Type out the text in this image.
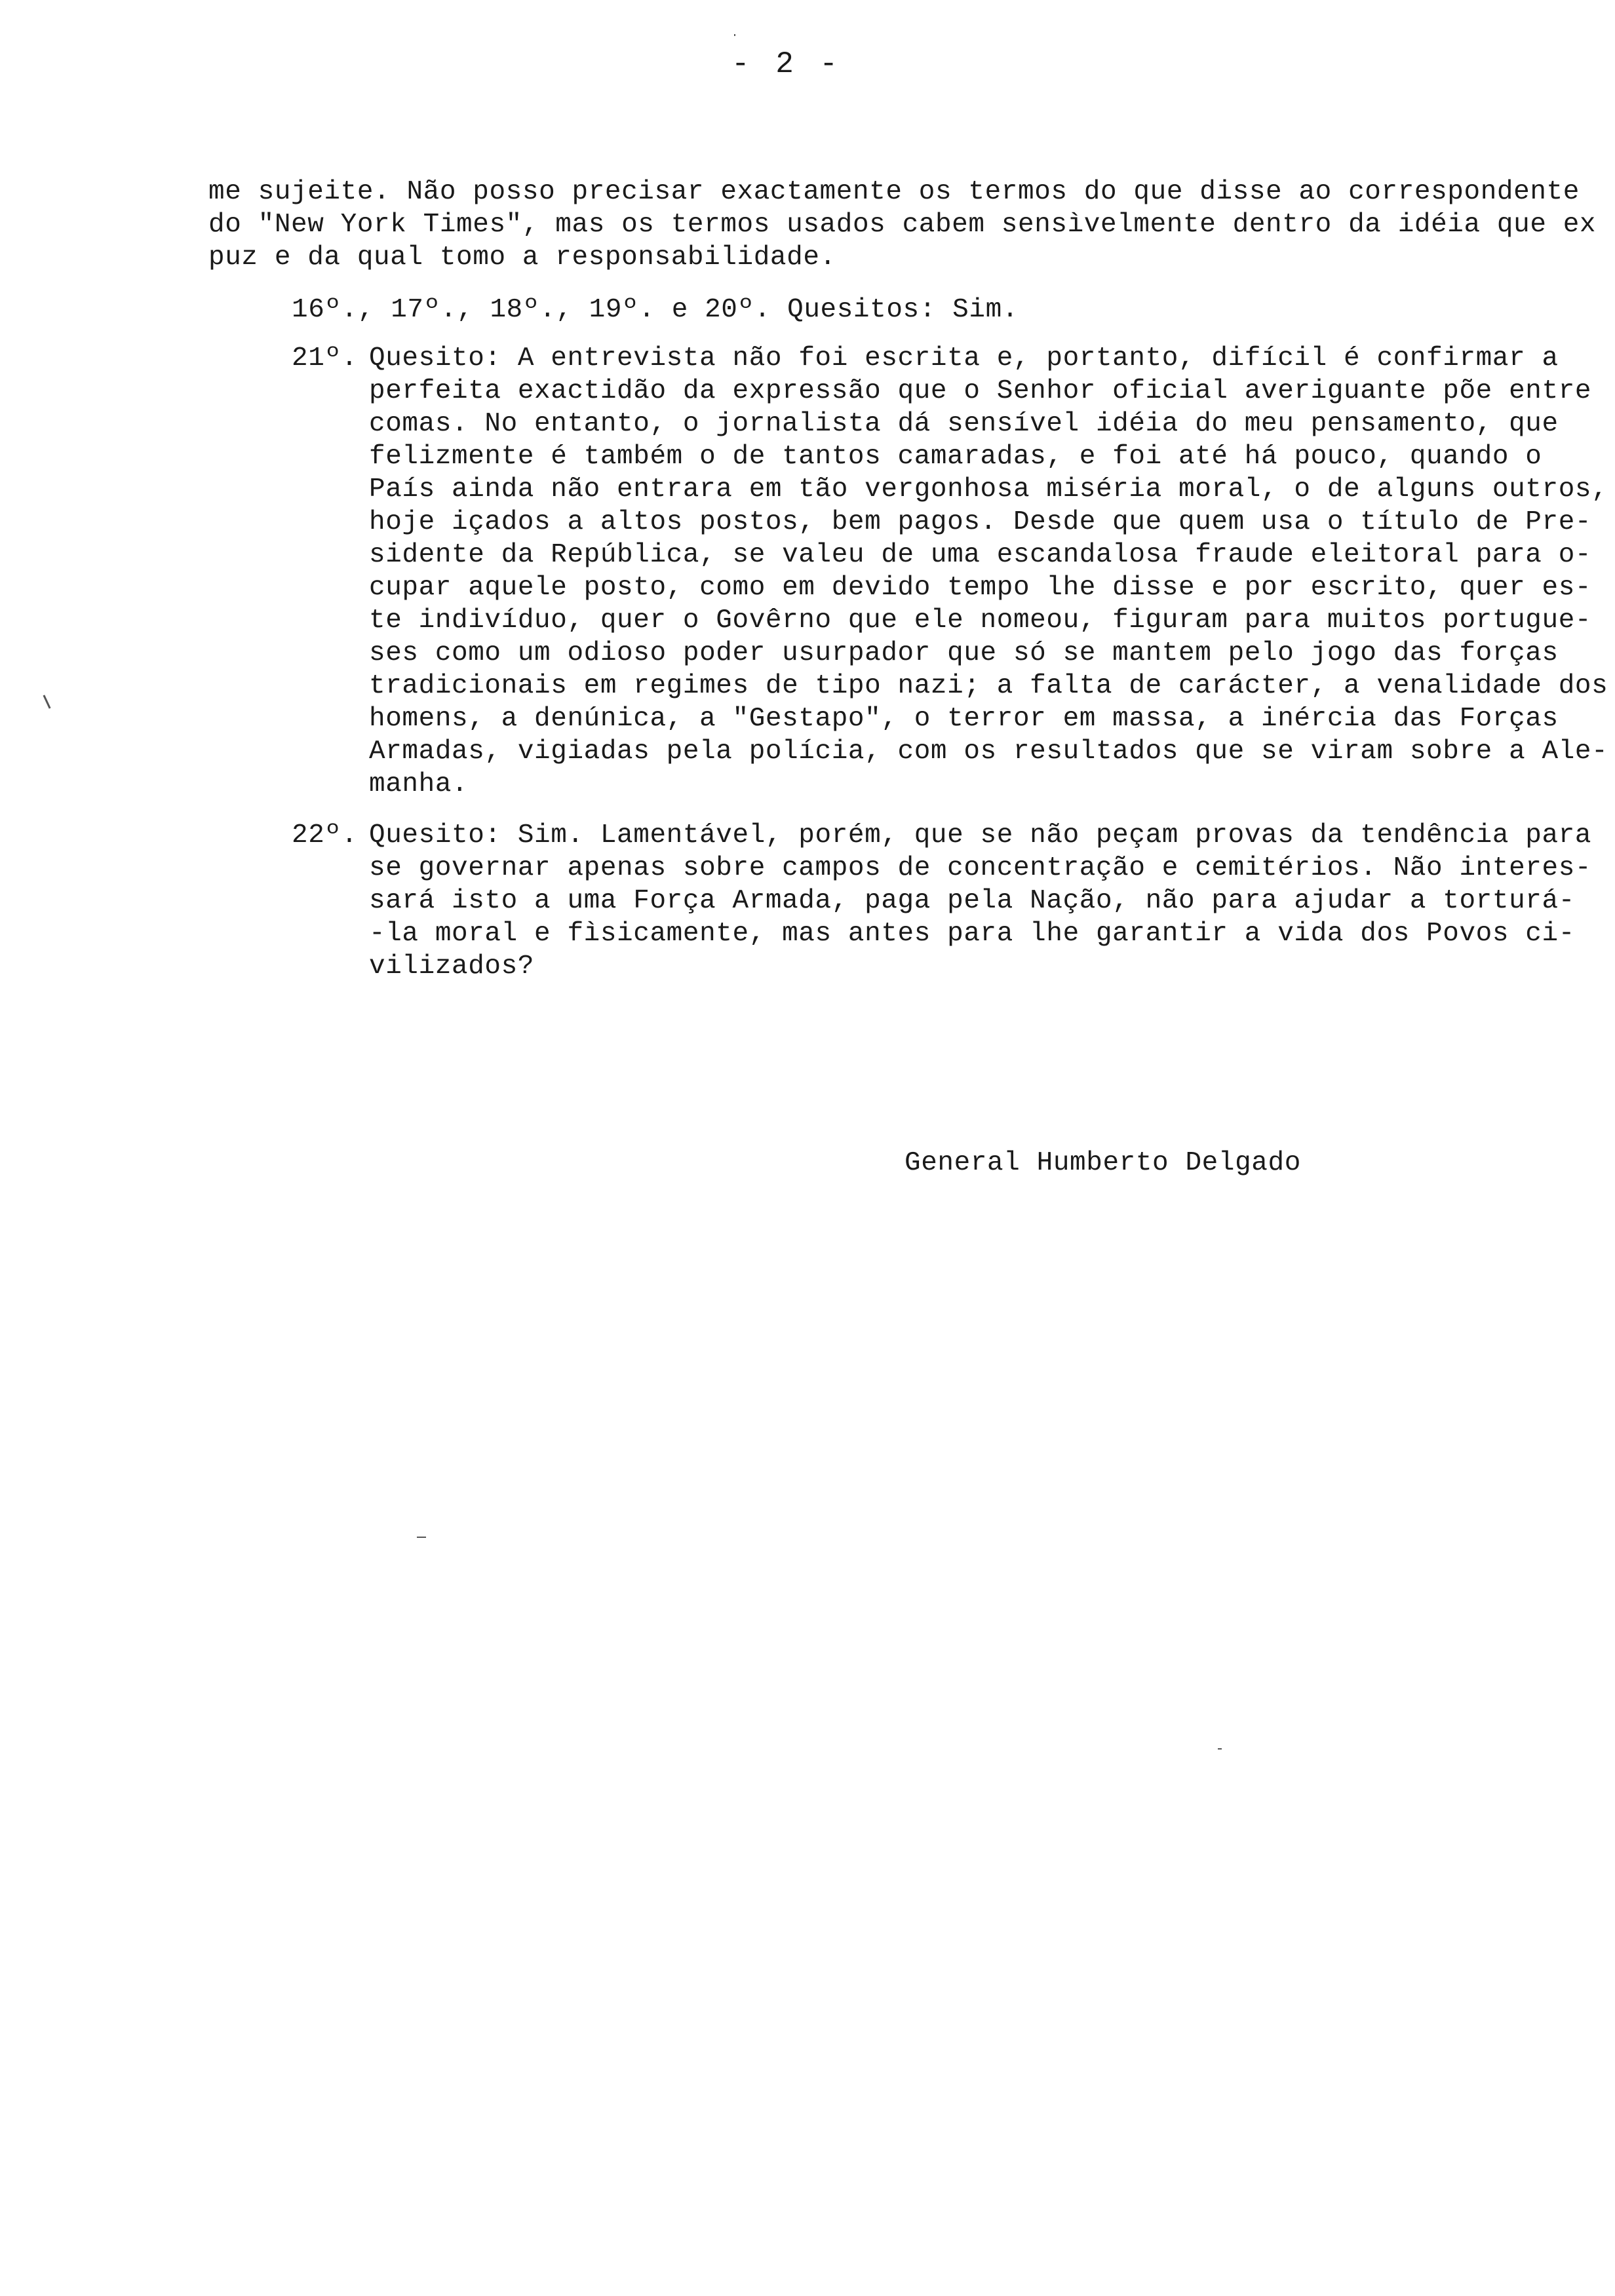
- 2 -
me sujeite. Não posso precisar exactamente os termos do que disse ao correspondente
do "New York Times", mas os termos usados cabem sensìvelmente dentro da idéia que ex
puz e da qual tomo a responsabilidade.
16º., 17º., 18º., 19º. e 20º. Quesitos: Sim.
21º. Quesito: A entrevista não foi escrita e, portanto, difícil é confirmar a
perfeita exactidão da expressão que o Senhor oficial averiguante põe entre
comas. No entanto, o jornalista dá sensível idéia do meu pensamento, que
felizmente é também o de tantos camaradas, e foi até há pouco, quando o
País ainda não entrara em tão vergonhosa miséria moral, o de alguns outros,
hoje içados a altos postos, bem pagos. Desde que quem usa o título de Pre-
sidente da República, se valeu de uma escandalosa fraude eleitoral para o-
cupar aquele posto, como em devido tempo lhe disse e por escrito, quer es-
te indivíduo, quer o Govêrno que ele nomeou, figuram para muitos portugue-
ses como um odioso poder usurpador que só se mantem pelo jogo das forças
tradicionais em regimes de tipo nazi; a falta de carácter, a venalidade dos
homens, a denúnica, a "Gestapo", o terror em massa, a inércia das Forças
Armadas, vigiadas pela polícia, com os resultados que se viram sobre a Ale-
manha.
22º. Quesito: Sim. Lamentável, porém, que se não peçam provas da tendência para
se governar apenas sobre campos de concentração e cemitérios. Não interes-
sará isto a uma Força Armada, paga pela Nação, não para ajudar a torturá-
-la moral e fìsicamente, mas antes para lhe garantir a vida dos Povos ci-
vilizados?
General Humberto Delgado
